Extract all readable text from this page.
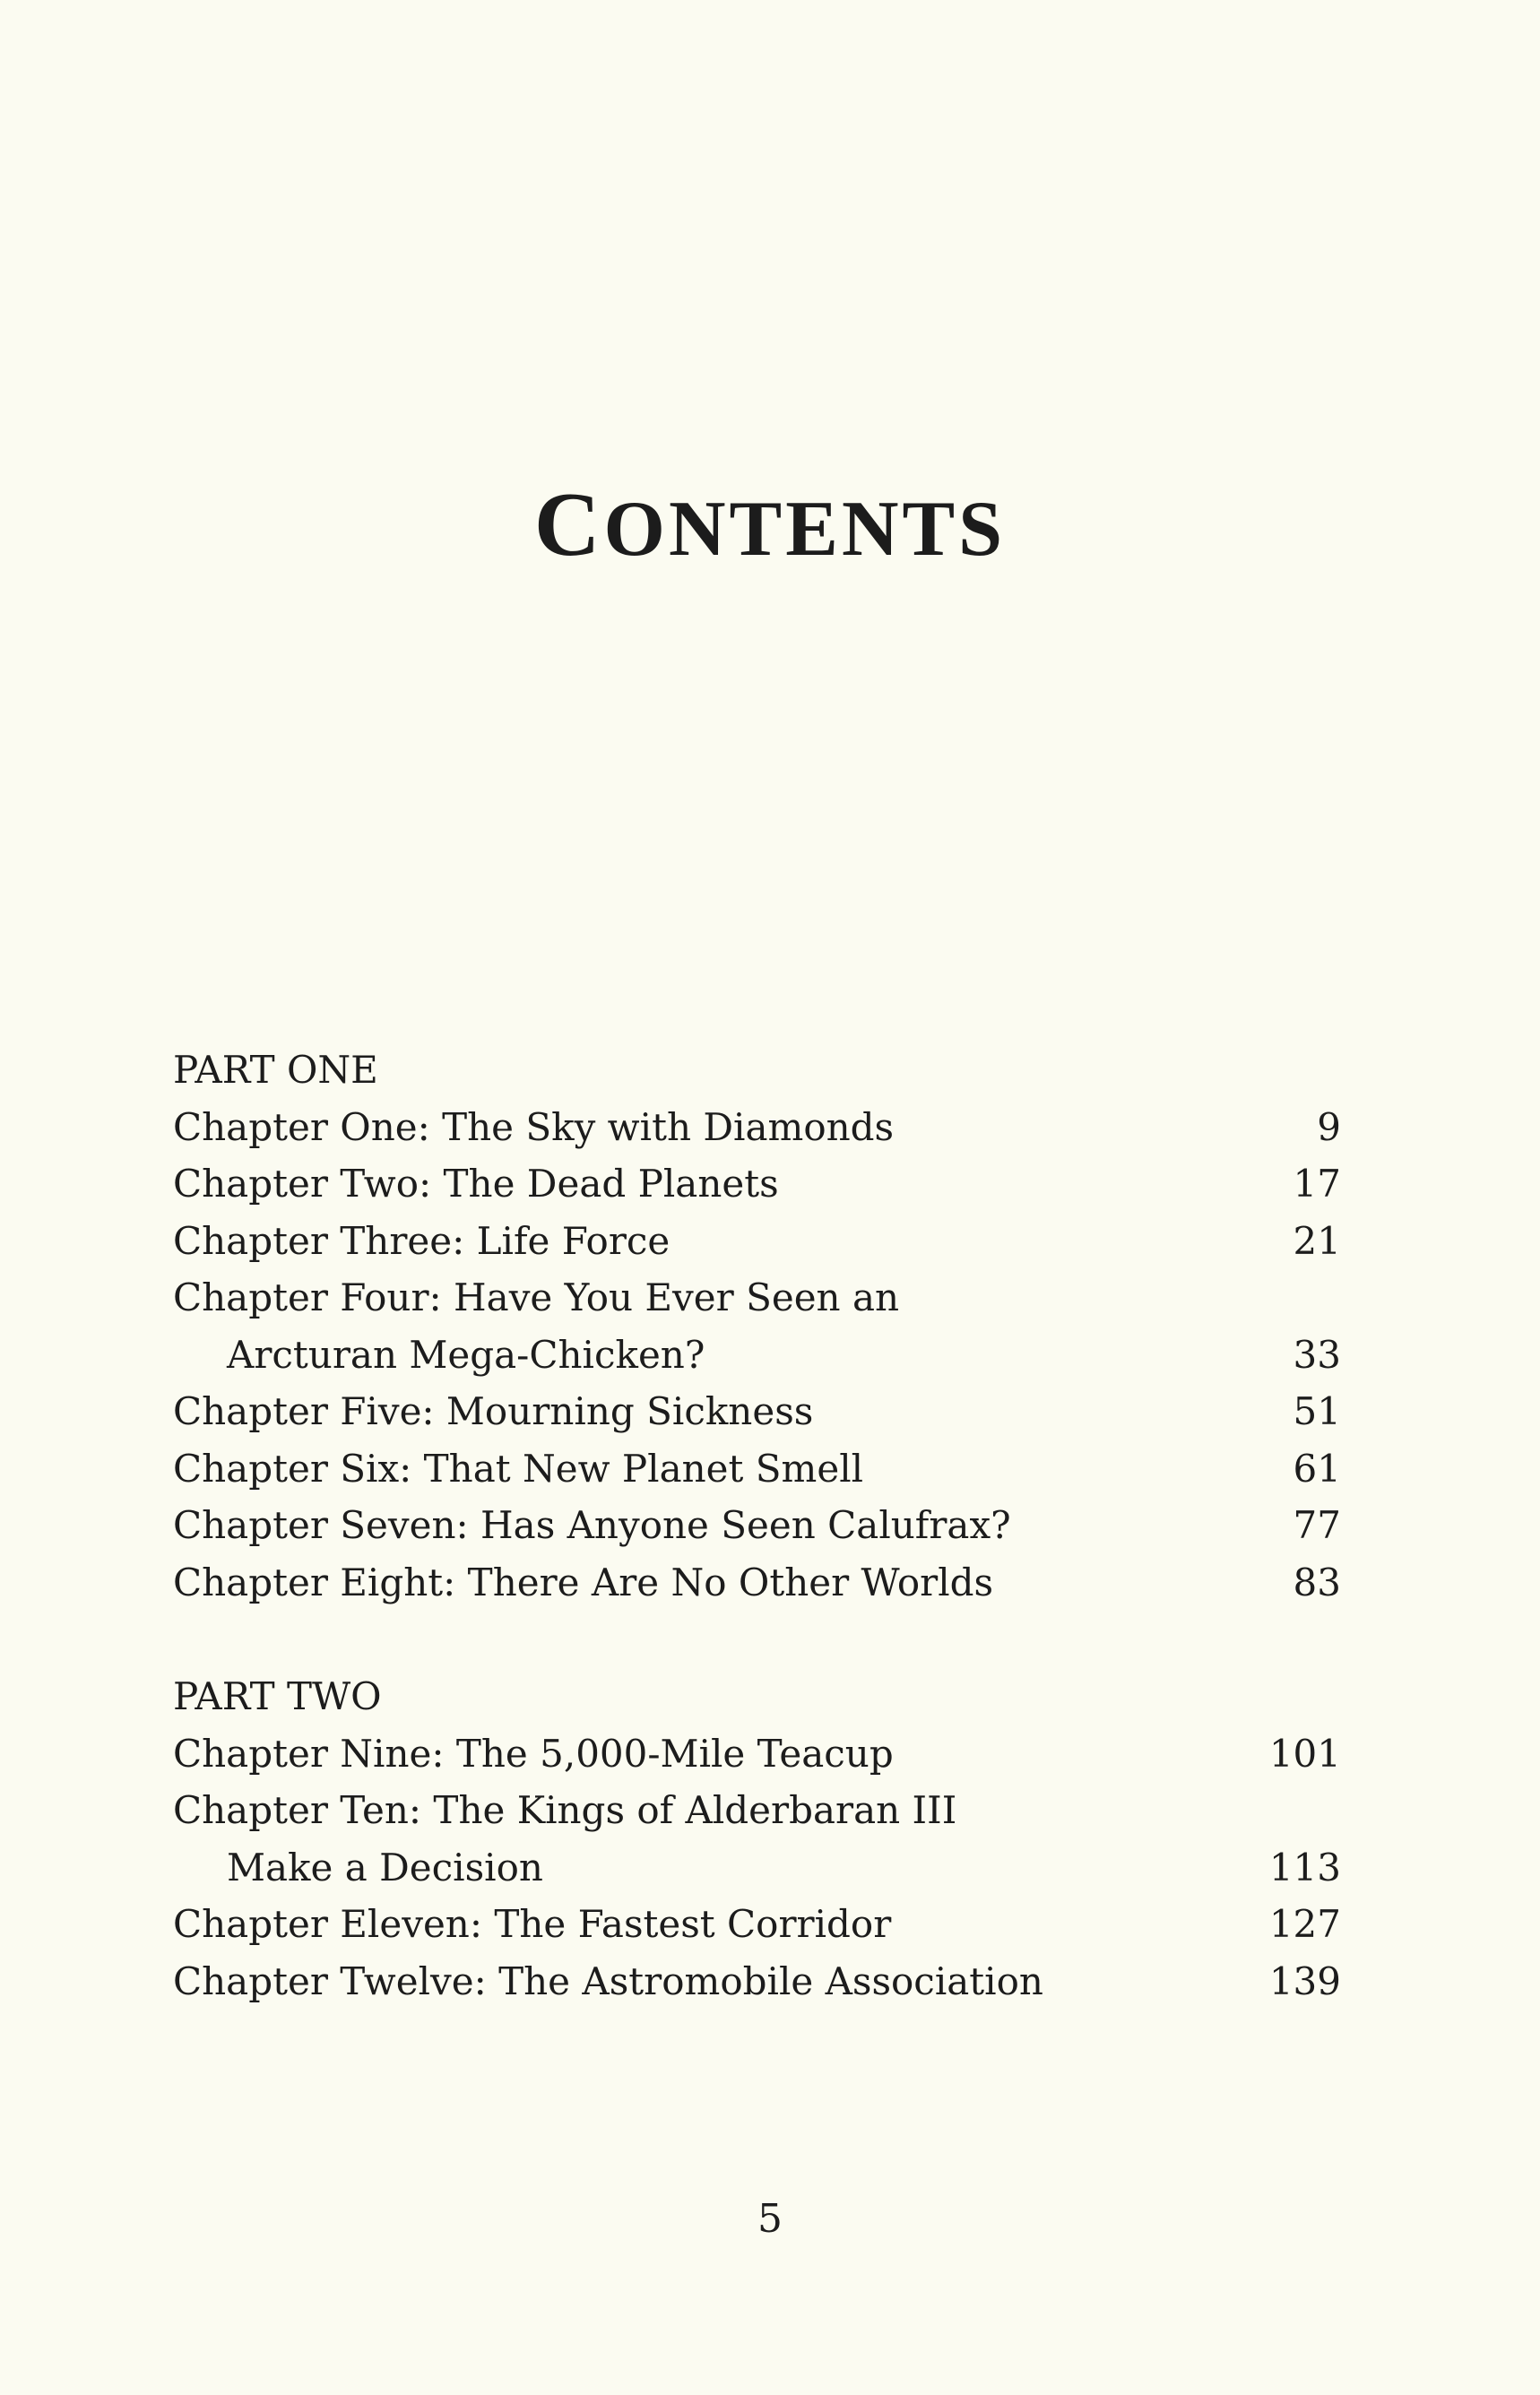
CONTENTS
PART ONE
Chapter One: The Sky with Diamonds	9
Chapter Two: The Dead Planets	17
Chapter Three: Life Force	21
Chapter Four: Have You Ever Seen an
Arcturan Mega-Chicken?	33
Chapter Five: Mourning Sickness	51
Chapter Six: That New Planet Smell	61
Chapter Seven: Has Anyone Seen Calufrax?	77
Chapter Eight: There Are No Other Worlds	83
PART TWO
Chapter Nine: The 5,000-Mile Teacup	101
Chapter Ten: The Kings of Alderbaran III
Make a Decision	113
Chapter Eleven: The Fastest Corridor	127
Chapter Twelve: The Astromobile Association	139
5
